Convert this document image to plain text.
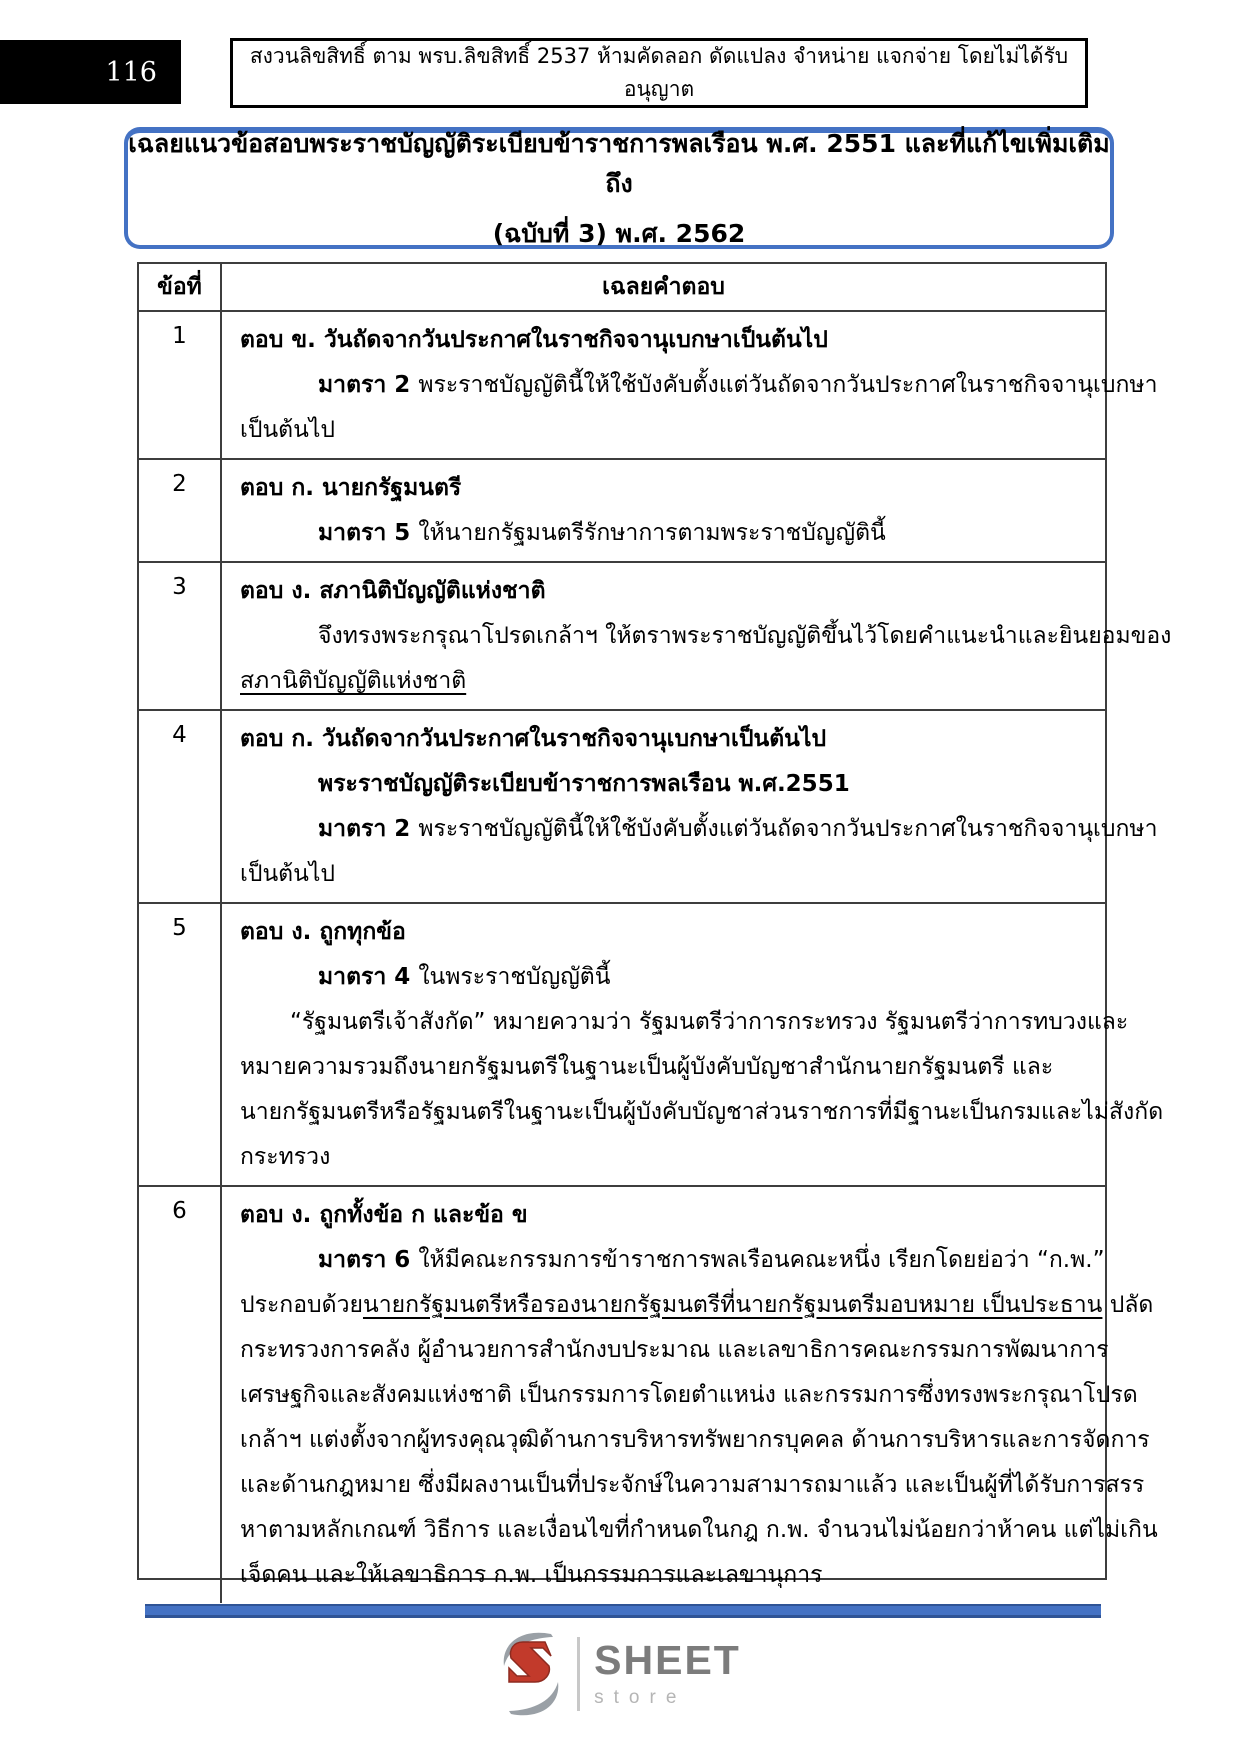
116
สงวนลิขสิทธิ์ ตาม พรบ.ลิขสิทธิ์ 2537 ห้ามคัดลอก ดัดแปลง จำหน่าย แจกจ่าย โดยไม่ได้รับอนุญาต
เฉลยแนวข้อสอบพระราชบัญญัติระเบียบข้าราชการพลเรือน พ.ศ. 2551 และที่แก้ไขเพิ่มเติมถึง
(ฉบับที่ 3) พ.ศ. 2562
ข้อที่	เฉลยคำตอบ
1	ตอบ ข. วันถัดจากวันประกาศในราชกิจจานุเบกษาเป็นต้นไป
มาตรา 2 พระราชบัญญัตินี้ให้ใช้บังคับตั้งแต่วันถัดจากวันประกาศในราชกิจจานุเบกษา
เป็นต้นไป
2	ตอบ ก. นายกรัฐมนตรี
มาตรา 5 ให้นายกรัฐมนตรีรักษาการตามพระราชบัญญัตินี้
3	ตอบ ง. สภานิติบัญญัติแห่งชาติ
จึงทรงพระกรุณาโปรดเกล้าฯ ให้ตราพระราชบัญญัติขึ้นไว้โดยคำแนะนำและยินยอมของ
สภานิติบัญญัติแห่งชาติ
4	ตอบ ก. วันถัดจากวันประกาศในราชกิจจานุเบกษาเป็นต้นไป
พระราชบัญญัติระเบียบข้าราชการพลเรือน พ.ศ.2551
มาตรา 2 พระราชบัญญัตินี้ให้ใช้บังคับตั้งแต่วันถัดจากวันประกาศในราชกิจจานุเบกษา
เป็นต้นไป
5	ตอบ ง. ถูกทุกข้อ
มาตรา 4 ในพระราชบัญญัตินี้
“รัฐมนตรีเจ้าสังกัด” หมายความว่า รัฐมนตรีว่าการกระทรวง รัฐมนตรีว่าการทบวงและ
หมายความรวมถึงนายกรัฐมนตรีในฐานะเป็นผู้บังคับบัญชาสำนักนายกรัฐมนตรี และ
นายกรัฐมนตรีหรือรัฐมนตรีในฐานะเป็นผู้บังคับบัญชาส่วนราชการที่มีฐานะเป็นกรมและไม่สังกัด
กระทรวง
6	ตอบ ง. ถูกทั้งข้อ ก และข้อ ข
มาตรา 6 ให้มีคณะกรรมการข้าราชการพลเรือนคณะหนึ่ง เรียกโดยย่อว่า “ก.พ.”
ประกอบด้วยนายกรัฐมนตรีหรือรองนายกรัฐมนตรีที่นายกรัฐมนตรีมอบหมาย เป็นประธาน ปลัด
กระทรวงการคลัง ผู้อำนวยการสำนักงบประมาณ และเลขาธิการคณะกรรมการพัฒนาการ
เศรษฐกิจและสังคมแห่งชาติ เป็นกรรมการโดยตำแหน่ง และกรรมการซึ่งทรงพระกรุณาโปรด
เกล้าฯ แต่งตั้งจากผู้ทรงคุณวุฒิด้านการบริหารทรัพยากรบุคคล ด้านการบริหารและการจัดการ
และด้านกฎหมาย ซึ่งมีผลงานเป็นที่ประจักษ์ในความสามารถมาแล้ว และเป็นผู้ที่ได้รับการสรร
หาตามหลักเกณฑ์ วิธีการ และเงื่อนไขที่กำหนดในกฎ ก.พ. จำนวนไม่น้อยกว่าห้าคน แต่ไม่เกิน
เจ็ดคน และให้เลขาธิการ ก.พ. เป็นกรรมการและเลขานุการ
SHEET
store
